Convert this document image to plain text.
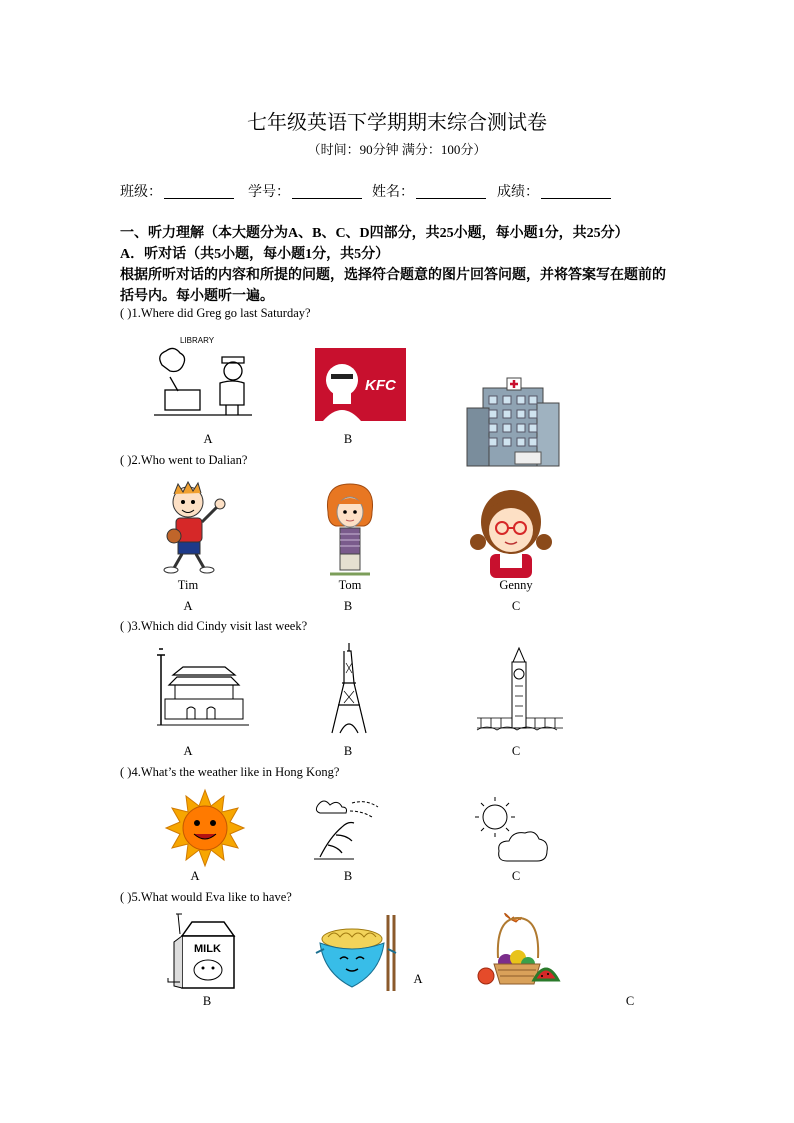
七年级英语下学期期末综合测试卷
（时间：90分钟 满分：100分）
班级：	学号：	姓名：	成绩：
一、听力理解（本大题分为A、B、C、D四部分，共25小题，每小题1分，共25分）
A．听对话（共5小题，每小题1分，共5分）
根据所听对话的内容和所提的问题，选择符合题意的图片回答问题，并将答案写在题前的
括号内。每小题听一遍。
( )1.Where did Greg go last Saturday?
LIBRARY
KFC
A	B
( )2.Who went to Dalian?
Tim	Tom	Genny
A	B	C
( )3.Which did Cindy visit last week?
A	B	C
( )4.What’s the weather like in Hong Kong?
A	B	C
( )5.What would Eva like to have?
MILK
A
B	C
